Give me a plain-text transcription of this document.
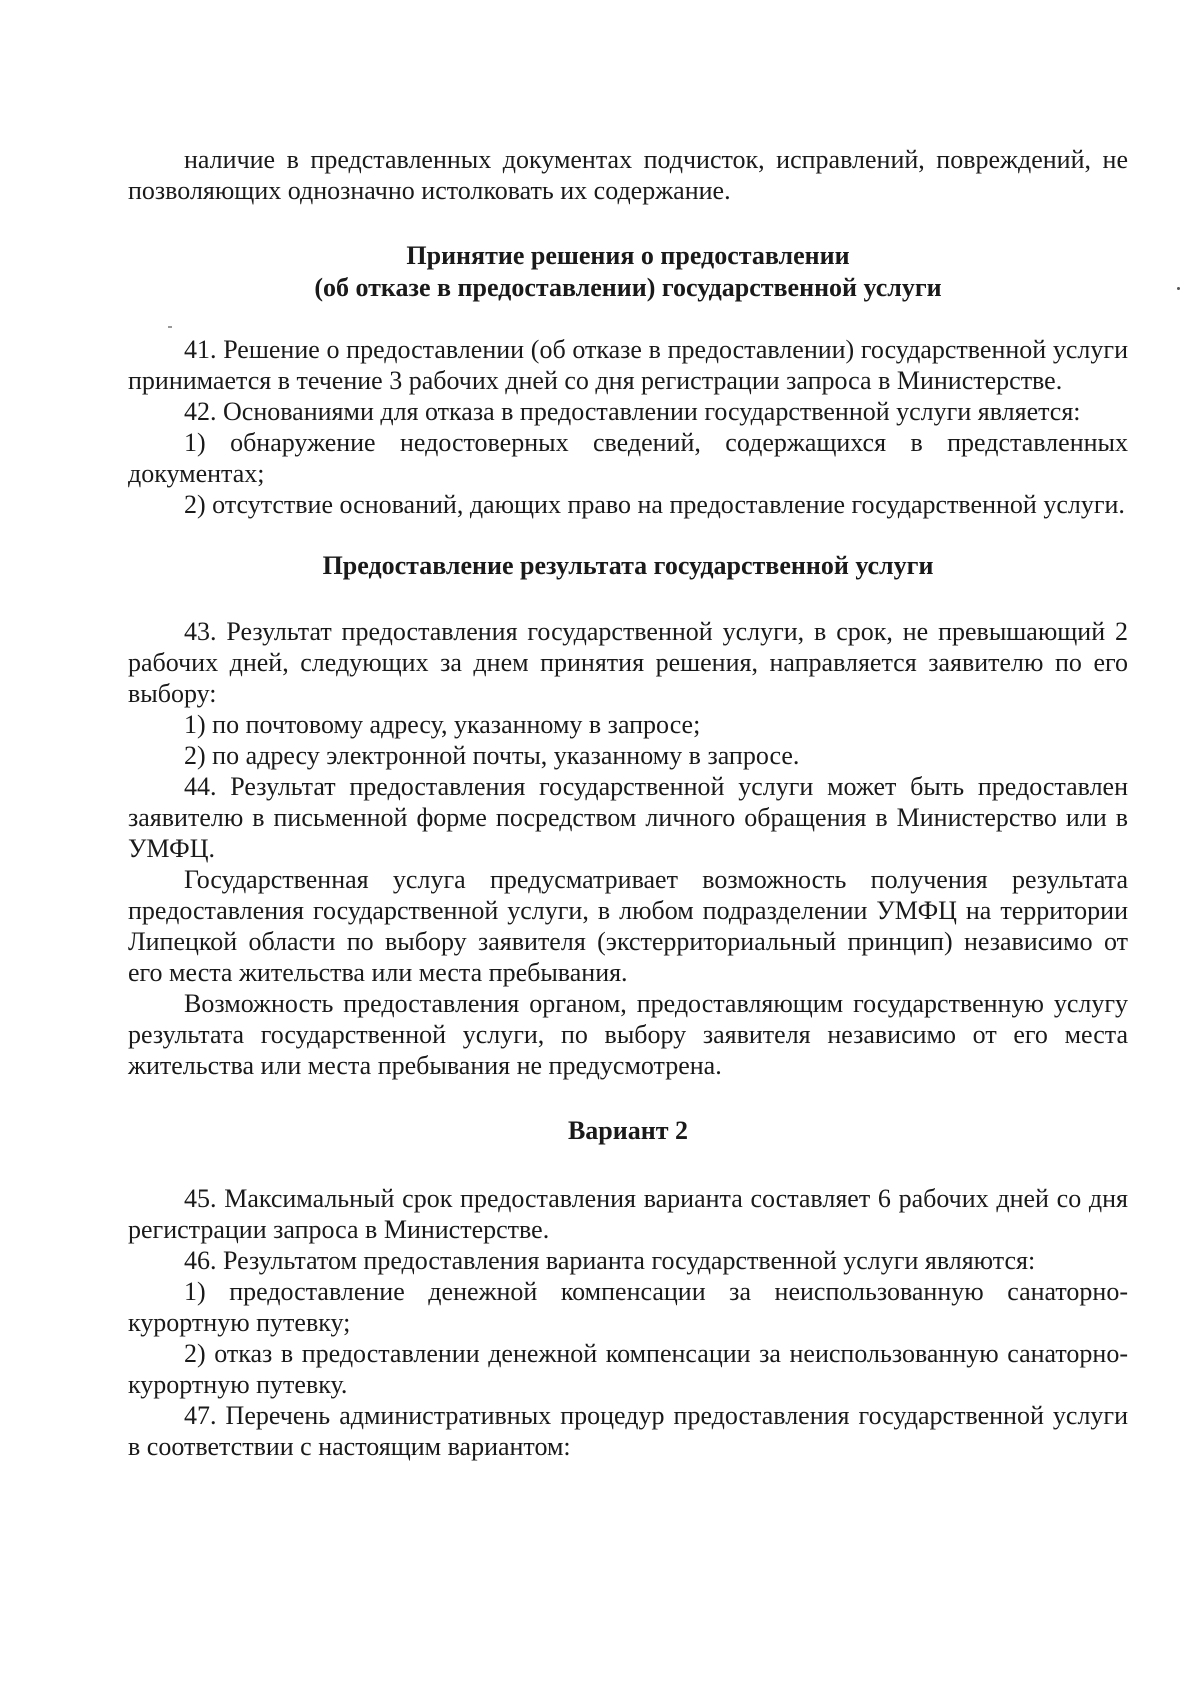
наличие в представленных документах подчисток, исправлений, повреждений, не позволяющих однозначно истолковать их содержание.

Принятие решения о предоставлении
(об отказе в предоставлении) государственной услуги

41. Решение о предоставлении (об отказе в предоставлении) государственной услуги принимается в течение 3 рабочих дней со дня регистрации запроса в Министерстве.

42. Основаниями для отказа в предоставлении государственной услуги является:

1) обнаружение недостоверных сведений, содержащихся в представленных документах;

2) отсутствие оснований, дающих право на предоставление государственной услуги.

Предоставление результата государственной услуги

43. Результат предоставления государственной услуги, в срок, не превышающий 2 рабочих дней, следующих за днем принятия решения, направляется заявителю по его выбору:

1) по почтовому адресу, указанному в запросе;

2) по адресу электронной почты, указанному в запросе.

44. Результат предоставления государственной услуги может быть предоставлен заявителю в письменной форме посредством личного обращения в Министерство или в УМФЦ.

Государственная услуга предусматривает возможность получения результата предоставления государственной услуги, в любом подразделении УМФЦ на территории Липецкой области по выбору заявителя (экстерриториальный принцип) независимо от его места жительства или места пребывания.

Возможность предоставления органом, предоставляющим государственную услугу результата государственной услуги, по выбору заявителя независимо от его места жительства или места пребывания не предусмотрена.

Вариант 2

45. Максимальный срок предоставления варианта составляет 6 рабочих дней со дня регистрации запроса в Министерстве.

46. Результатом предоставления варианта государственной услуги являются:

1) предоставление денежной компенсации за неиспользованную санаторно-курортную путевку;

2) отказ в предоставлении денежной компенсации за неиспользованную санаторно-курортную путевку.

47. Перечень административных процедур предоставления государственной услуги в соответствии с настоящим вариантом:
